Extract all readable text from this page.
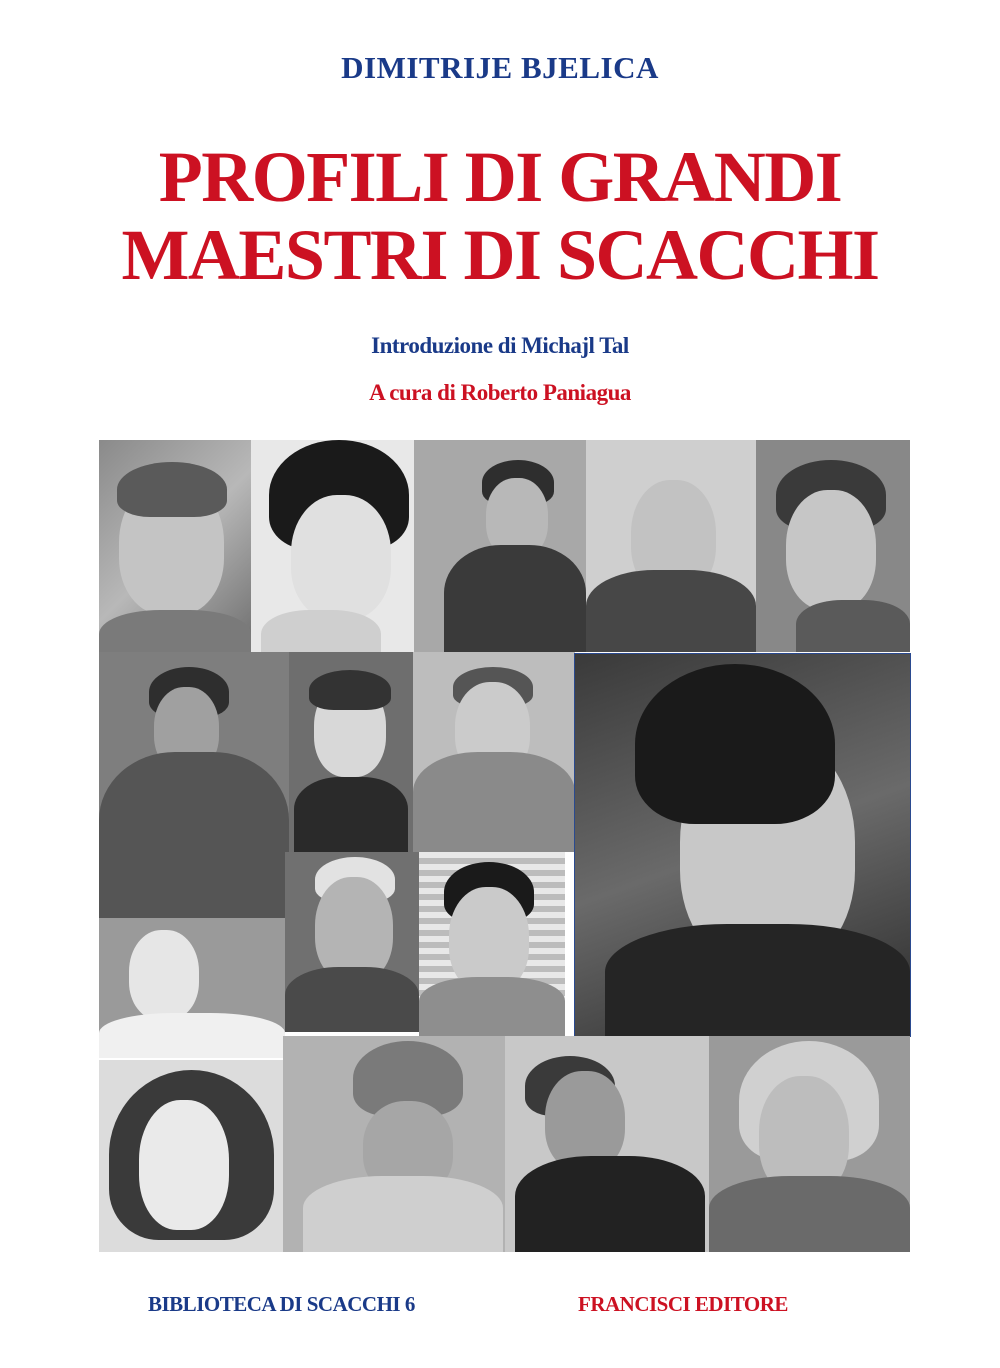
DIMITRIJE BJELICA
PROFILI DI GRANDI
MAESTRI DI SCACCHI
Introduzione di Michajl Tal
A cura di Roberto Paniagua
BIBLIOTECA DI SCACCHI 6	FRANCISCI EDITORE
